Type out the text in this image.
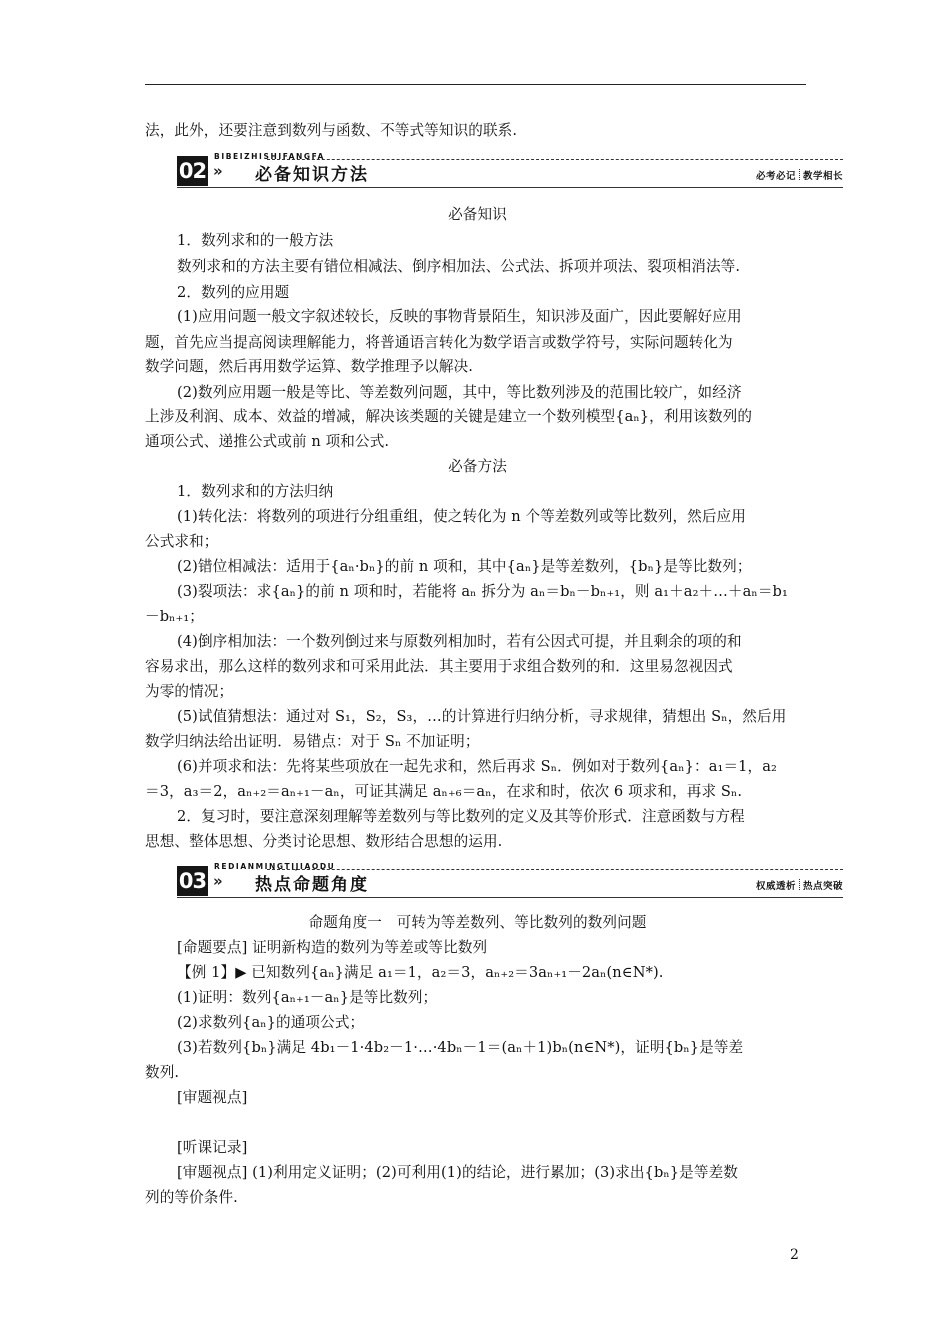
法，此外，还要注意到数列与函数、不等式等知识的联系.
BIBEIZHISHIFANGFA
02 » 必备知识方法	必考必记 教学相长
必备知识
1．数列求和的一般方法
数列求和的方法主要有错位相减法、倒序相加法、公式法、拆项并项法、裂项相消法等.
2．数列的应用题
(1)应用问题一般文字叙述较长，反映的事物背景陌生，知识涉及面广，因此要解好应用
题，首先应当提高阅读理解能力，将普通语言转化为数学语言或数学符号，实际问题转化为
数学问题，然后再用数学运算、数学推理予以解决.
(2)数列应用题一般是等比、等差数列问题，其中，等比数列涉及的范围比较广，如经济
上涉及利润、成本、效益的增减，解决该类题的关键是建立一个数列模型{aₙ}，利用该数列的
通项公式、递推公式或前 n 项和公式.
必备方法
1．数列求和的方法归纳
(1)转化法：将数列的项进行分组重组，使之转化为 n 个等差数列或等比数列，然后应用
公式求和；
(2)错位相减法：适用于{aₙ·bₙ}的前 n 项和，其中{aₙ}是等差数列，{bₙ}是等比数列；
(3)裂项法：求{aₙ}的前 n 项和时，若能将 aₙ 拆分为 aₙ＝bₙ－bₙ₊₁，则 a₁＋a₂＋…＋aₙ＝b₁
－bₙ₊₁；
(4)倒序相加法：一个数列倒过来与原数列相加时，若有公因式可提，并且剩余的项的和
容易求出，那么这样的数列求和可采用此法．其主要用于求组合数列的和．这里易忽视因式
为零的情况；
(5)试值猜想法：通过对 S₁，S₂，S₃，…的计算进行归纳分析，寻求规律，猜想出 Sₙ，然后用
数学归纳法给出证明．易错点：对于 Sₙ 不加证明；
(6)并项求和法：先将某些项放在一起先求和，然后再求 Sₙ．例如对于数列{aₙ}：a₁＝1，a₂
＝3，a₃＝2，aₙ₊₂＝aₙ₊₁－aₙ，可证其满足 aₙ₊₆＝aₙ，在求和时，依次 6 项求和，再求 Sₙ.
2．复习时，要注意深刻理解等差数列与等比数列的定义及其等价形式．注意函数与方程
思想、整体思想、分类讨论思想、数形结合思想的运用.
REDIANMINGTIJIAODU
03 » 热点命题角度	权威透析 热点突破
命题角度一　可转为等差数列、等比数列的数列问题
[命题要点] 证明新构造的数列为等差或等比数列
【例 1】▶ 已知数列{aₙ}满足 a₁＝1，a₂＝3，aₙ₊₂＝3aₙ₊₁－2aₙ(n∈N*).
(1)证明：数列{aₙ₊₁－aₙ}是等比数列；
(2)求数列{aₙ}的通项公式；
(3)若数列{bₙ}满足 4b₁－1·4b₂－1·…·4bₙ－1＝(aₙ＋1)bₙ(n∈N*)，证明{bₙ}是等差
数列.
[审题视点]
[听课记录]
[审题视点] (1)利用定义证明；(2)可利用(1)的结论，进行累加；(3)求出{bₙ}是等差数
列的等价条件.
2
